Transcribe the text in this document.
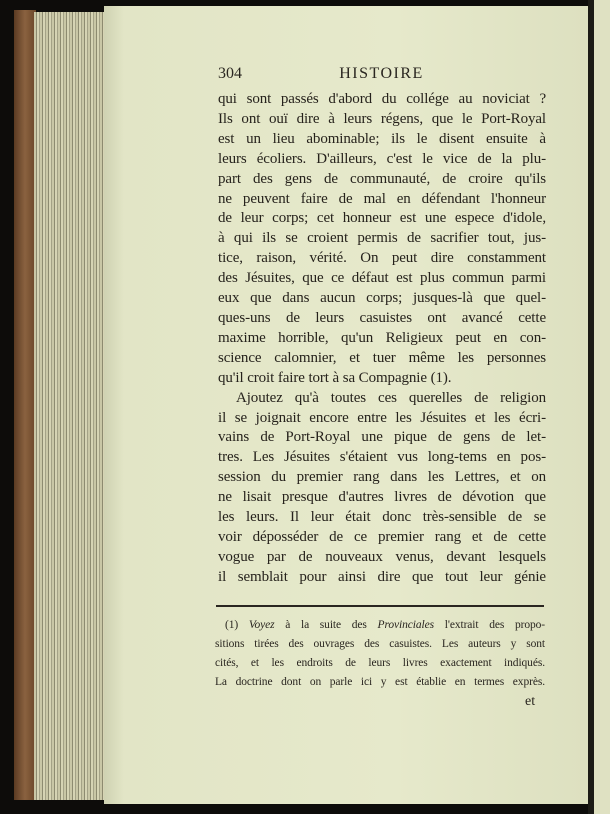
304	HISTOIRE
qui sont passés d'abord du collége au noviciat ?
Ils ont ouï dire à leurs régens, que le Port-Royal
est un lieu abominable; ils le disent ensuite à
leurs écoliers. D'ailleurs, c'est le vice de la plu-
part des gens de communauté, de croire qu'ils
ne peuvent faire de mal en défendant l'honneur
de leur corps; cet honneur est une espece d'idole,
à qui ils se croient permis de sacrifier tout, jus-
tice, raison, vérité. On peut dire constamment
des Jésuites, que ce défaut est plus commun parmi
eux que dans aucun corps; jusques-là que quel-
ques-uns de leurs casuistes ont avancé cette
maxime horrible, qu'un Religieux peut en con-
science calomnier, et tuer même les personnes
qu'il croit faire tort à sa Compagnie (1).
Ajoutez qu'à toutes ces querelles de religion
il se joignait encore entre les Jésuites et les écri-
vains de Port-Royal une pique de gens de let-
tres. Les Jésuites s'étaient vus long-tems en pos-
session du premier rang dans les Lettres, et on
ne lisait presque d'autres livres de dévotion que
les leurs. Il leur était donc très-sensible de se
voir déposséder de ce premier rang et de cette
vogue par de nouveaux venus, devant lesquels
il semblait pour ainsi dire que tout leur génie
(1) Voyez à la suite des Provinciales l'extrait des propo-
sitions tirées des ouvrages des casuistes. Les auteurs y sont
cités, et les endroits de leurs livres exactement indiqués.
La doctrine dont on parle ici y est établie en termes exprès.
et
